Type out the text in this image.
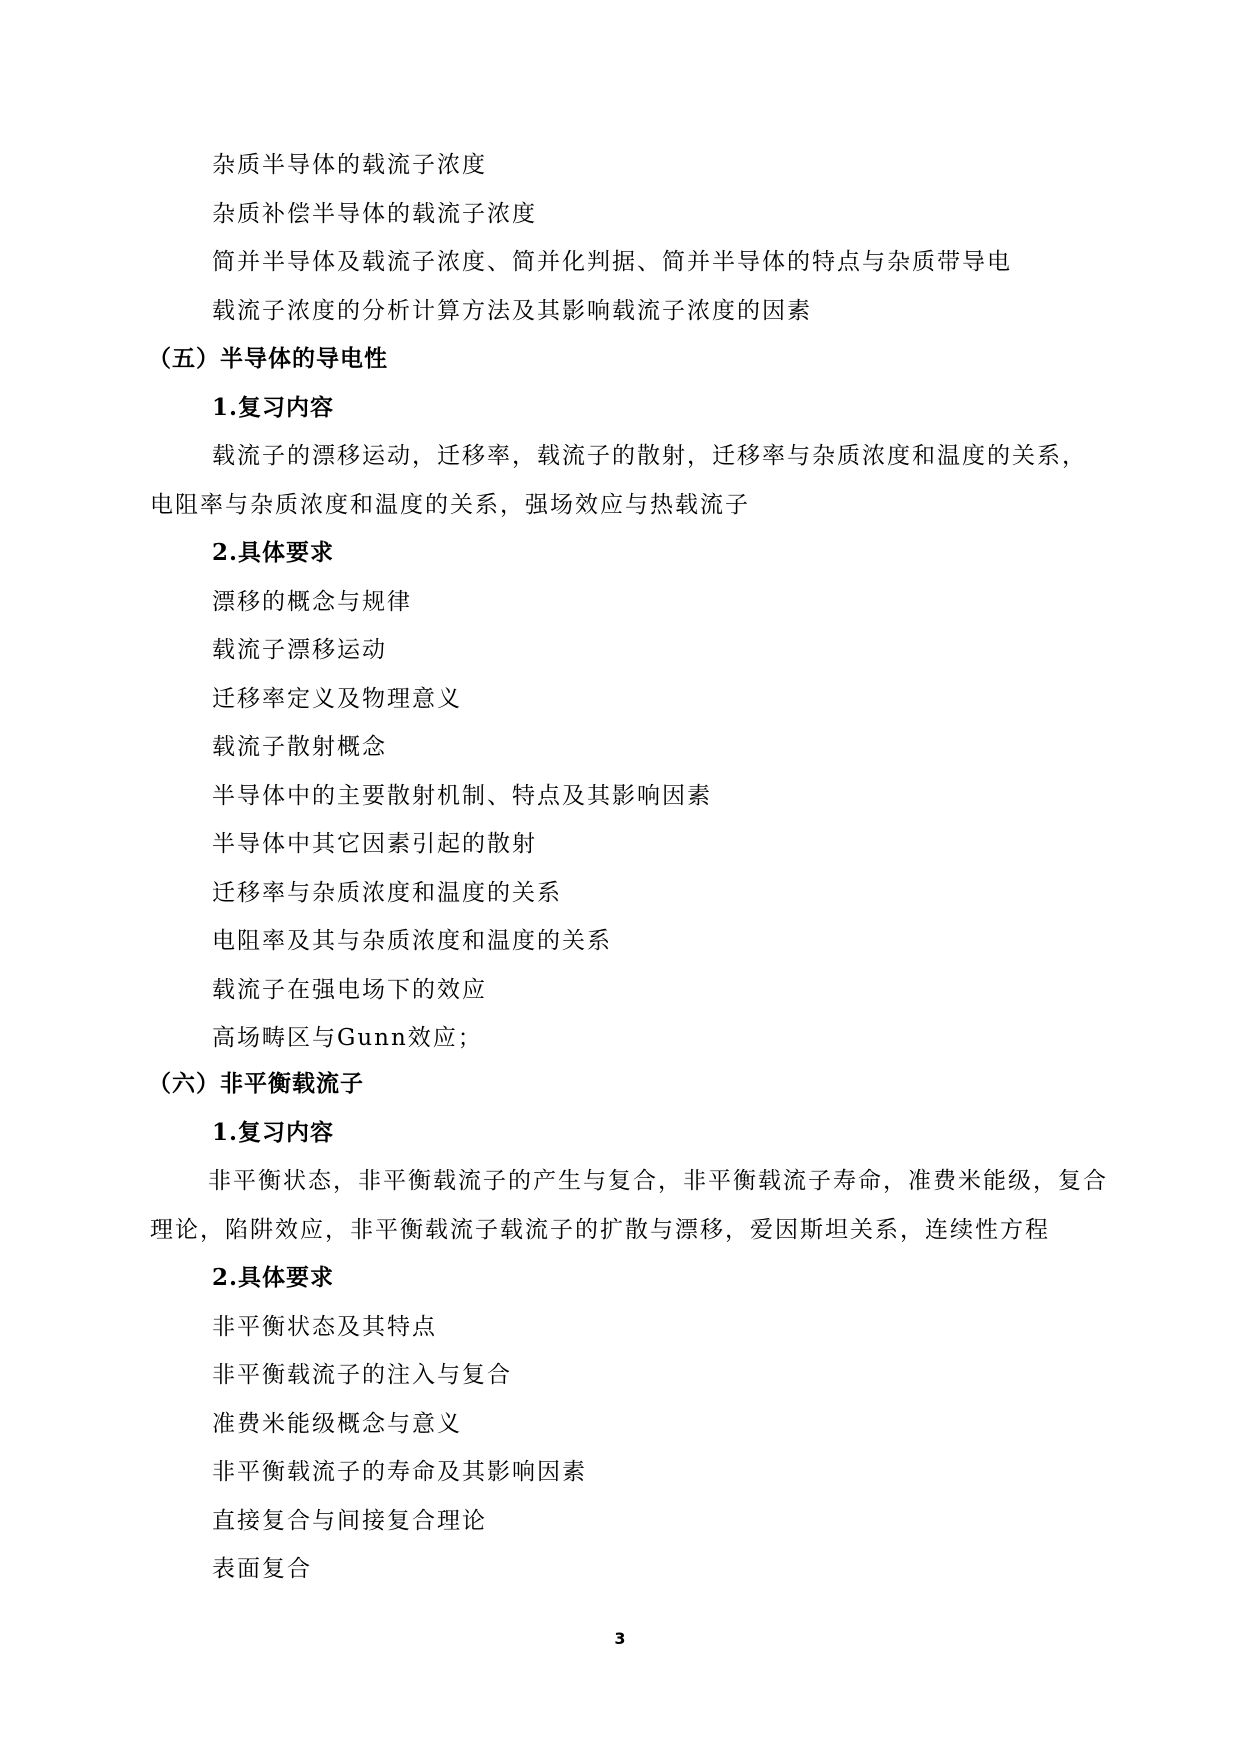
杂质半导体的载流子浓度
杂质补偿半导体的载流子浓度
简并半导体及载流子浓度、简并化判据、简并半导体的特点与杂质带导电
载流子浓度的分析计算方法及其影响载流子浓度的因素
（五）半导体的导电性
1.复习内容
载流子的漂移运动，迁移率，载流子的散射，迁移率与杂质浓度和温度的关系，
电阻率与杂质浓度和温度的关系，强场效应与热载流子
2.具体要求
漂移的概念与规律
载流子漂移运动
迁移率定义及物理意义
载流子散射概念
半导体中的主要散射机制、特点及其影响因素
半导体中其它因素引起的散射
迁移率与杂质浓度和温度的关系
电阻率及其与杂质浓度和温度的关系
载流子在强电场下的效应
高场畴区与Gunn效应；
（六）非平衡载流子
1.复习内容
非平衡状态，非平衡载流子的产生与复合，非平衡载流子寿命，准费米能级，复合
理论，陷阱效应，非平衡载流子载流子的扩散与漂移，爱因斯坦关系，连续性方程
2.具体要求
非平衡状态及其特点
非平衡载流子的注入与复合
准费米能级概念与意义
非平衡载流子的寿命及其影响因素
直接复合与间接复合理论
表面复合
3
